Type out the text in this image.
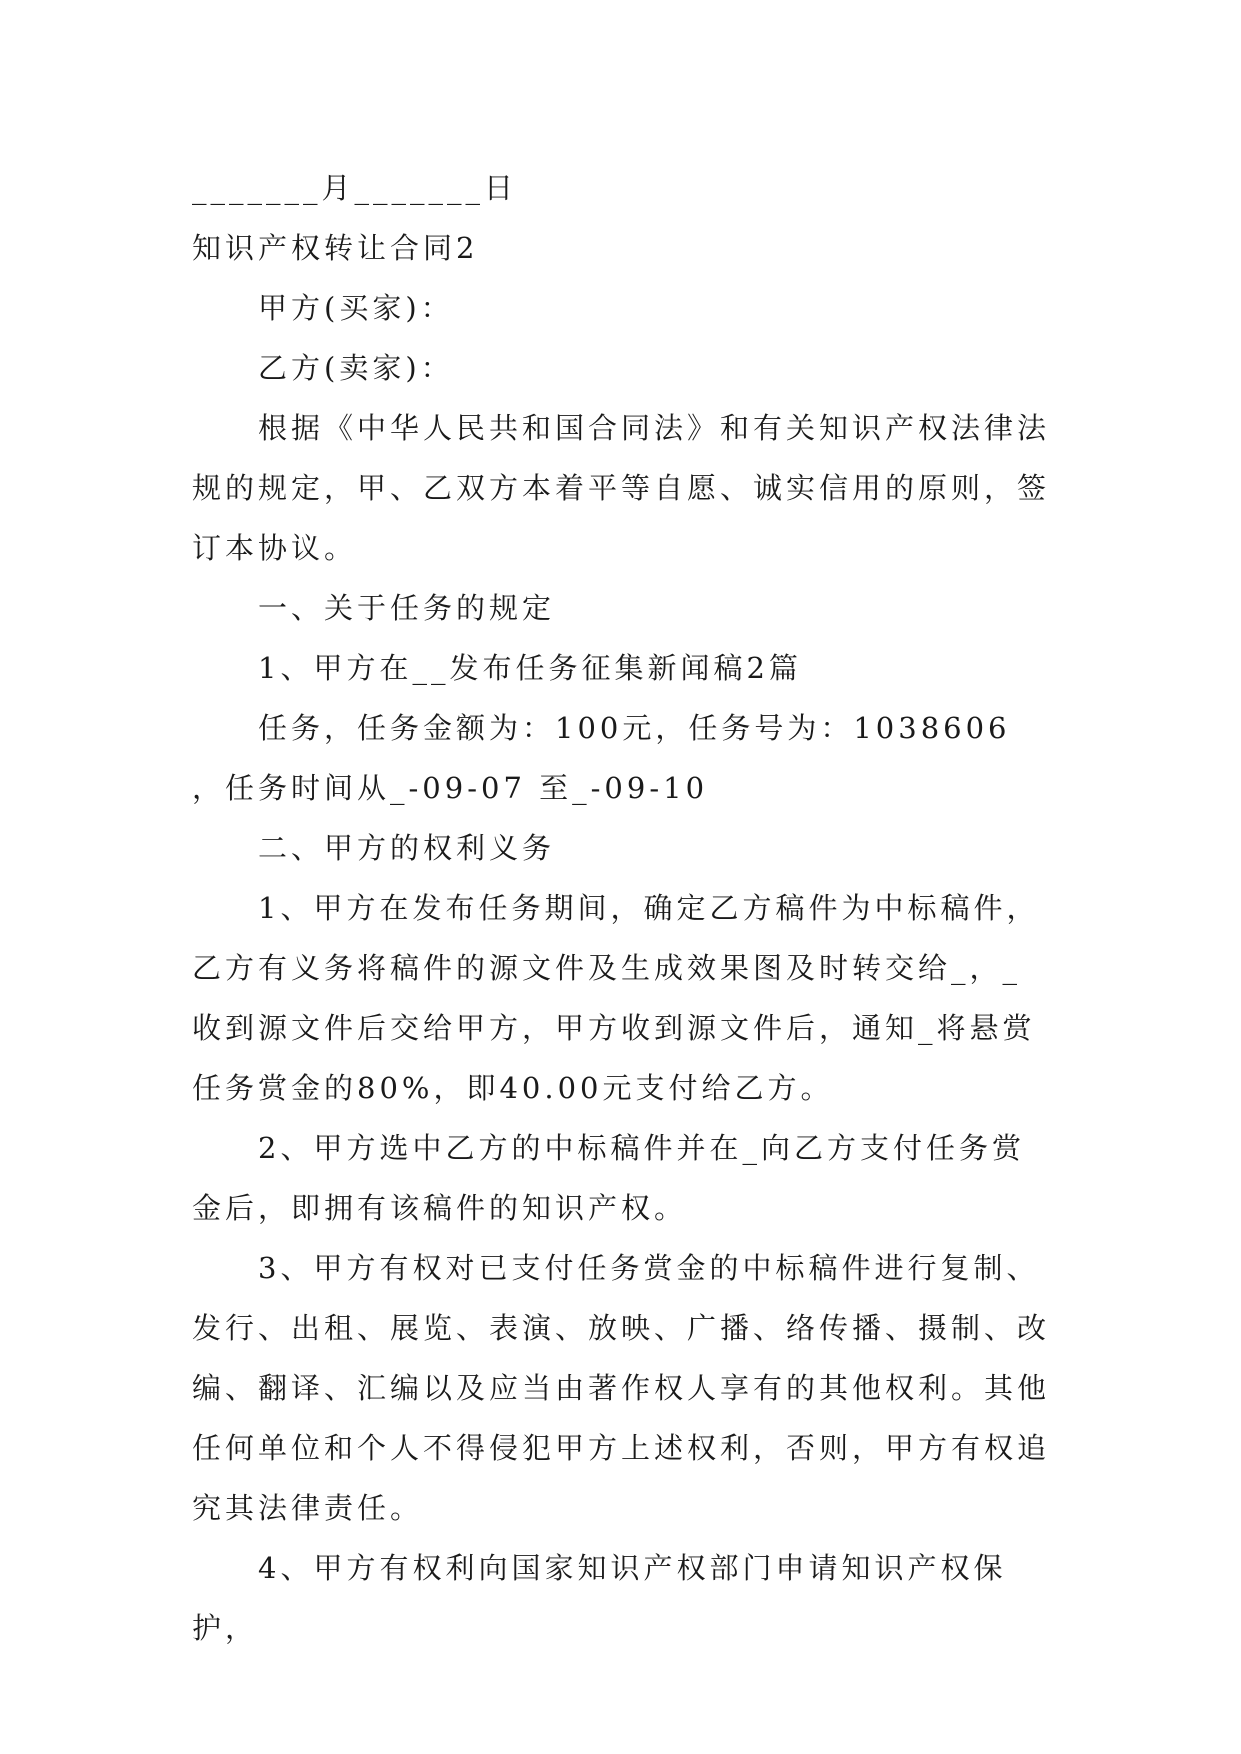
_______月_______日

知识产权转让合同2

甲方(买家)：

乙方(卖家)：

根据《中华人民共和国合同法》和有关知识产权法律法规的规定，甲、乙双方本着平等自愿、诚实信用的原则，签订本协议。

一、关于任务的规定

1、甲方在__发布任务征集新闻稿2篇

任务，任务金额为：100元，任务号为：1038606 ，任务时间从_-09-07 至_-09-10

二、甲方的权利义务

1、甲方在发布任务期间，确定乙方稿件为中标稿件，乙方有义务将稿件的源文件及生成效果图及时转交给_，_收到源文件后交给甲方，甲方收到源文件后，通知_将悬赏任务赏金的80%，即40.00元支付给乙方。

2、甲方选中乙方的中标稿件并在_向乙方支付任务赏金后，即拥有该稿件的知识产权。

3、甲方有权对已支付任务赏金的中标稿件进行复制、发行、出租、展览、表演、放映、广播、络传播、摄制、改编、翻译、汇编以及应当由著作权人享有的其他权利。其他任何单位和个人不得侵犯甲方上述权利，否则，甲方有权追究其法律责任。

4、甲方有权利向国家知识产权部门申请知识产权保护，
